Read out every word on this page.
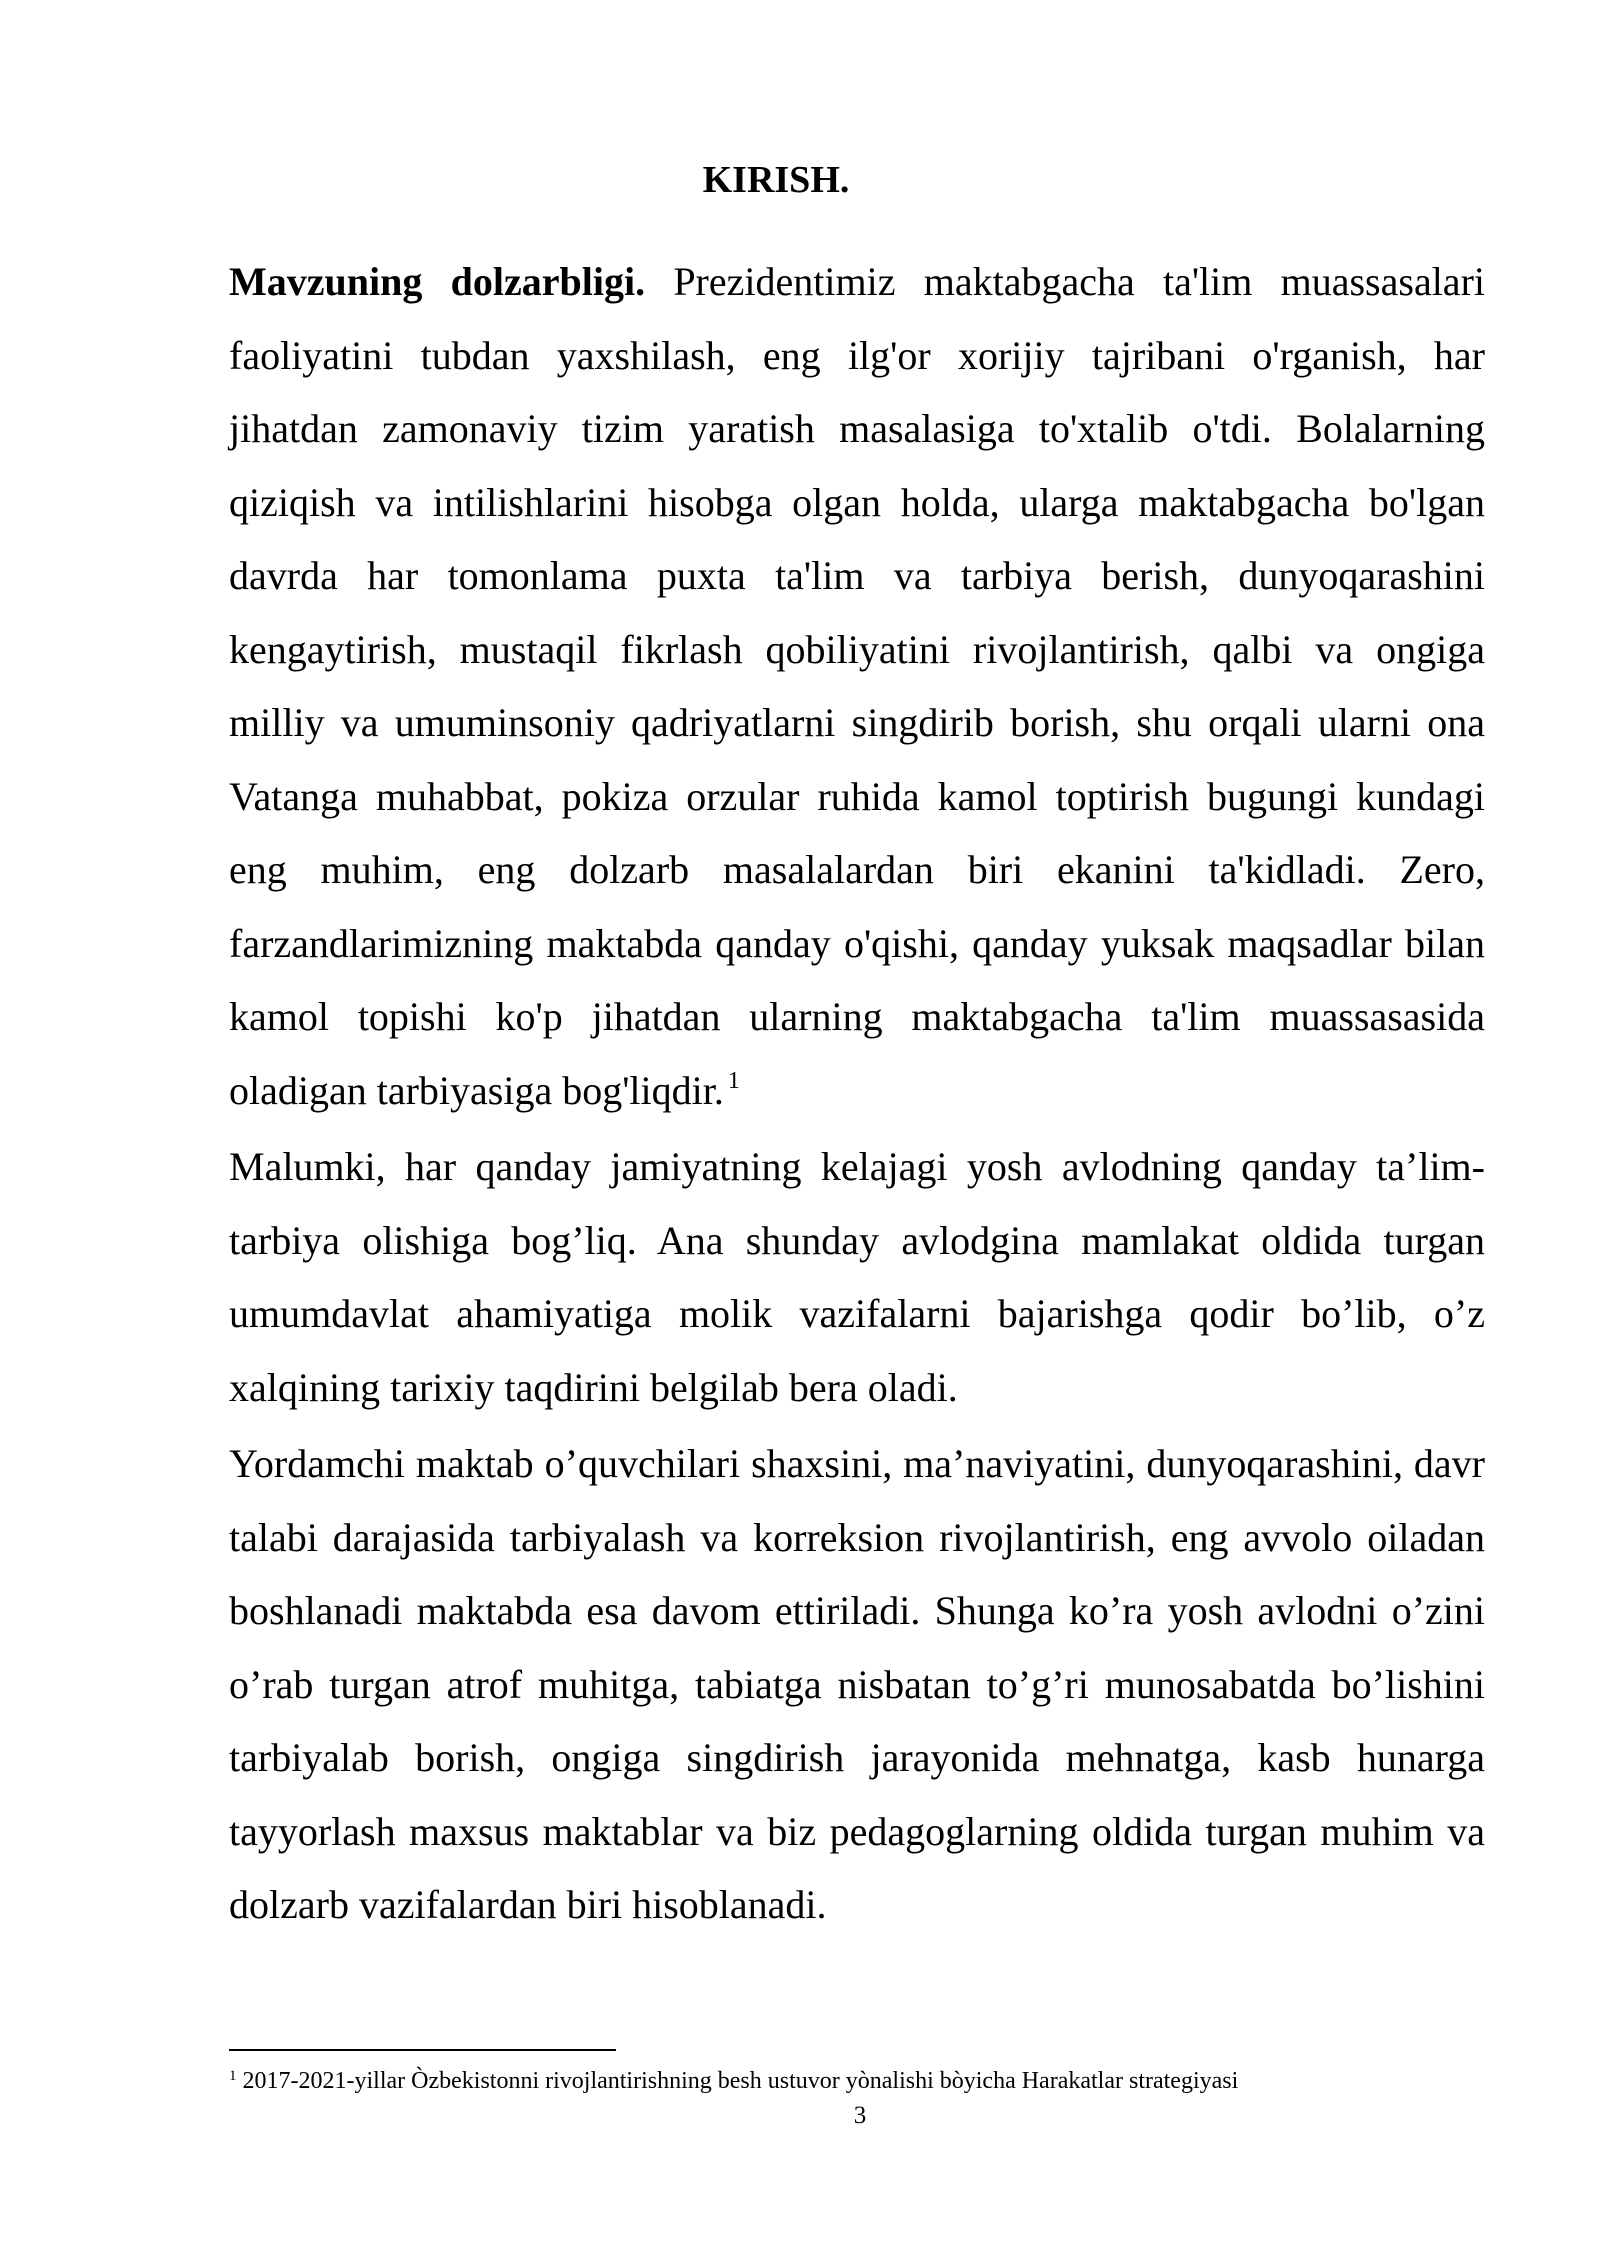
KIRISH.

Mavzuning dolzarbligi. Prezidentimiz maktabgacha ta'lim muassasalari faoliyatini tubdan yaxshilash, eng ilg'or xorijiy tajribani o'rganish, har jihatdan zamonaviy tizim yaratish masalasiga to'xtalib o'tdi. Bolalarning qiziqish va intilishlarini hisobga olgan holda, ularga maktabgacha bo'lgan davrda har tomonlama puxta ta'lim va tarbiya berish, dunyoqarashini kengaytirish, mustaqil fikrlash qobiliyatini rivojlantirish, qalbi va ongiga milliy va umuminsoniy qadriyatlarni singdirib borish, shu orqali ularni ona Vatanga muhabbat, pokiza orzular ruhida kamol toptirish bugungi kundagi eng muhim, eng dolzarb masalalardan biri ekanini ta'kidladi. Zero, farzandlarimizning maktabda qanday o'qishi, qanday yuksak maqsadlar bilan kamol topishi ko'p jihatdan ularning maktabgacha ta'lim muassasasida oladigan tarbiyasiga bog'liqdir. $^1$

Malumki, har qanday jamiyatning kelajagi yosh avlodning qanday ta’lim-tarbiya olishiga bog’liq. Ana shunday avlodgina mamlakat oldida turgan umumdavlat ahamiyatiga molik vazifalarni bajarishga qodir bo’lib, o’z xalqining tarixiy taqdirini belgilab bera oladi.

Yordamchi maktab o’quvchilari shaxsini, ma’naviyatini, dunyoqarashini, davr talabi darajasida tarbiyalash va korreksion rivojlantirish, eng avvolo oiladan boshlanadi maktabda esa davom ettiriladi. Shunga ko’ra yosh avlodni o’zini o’rab turgan atrof muhitga, tabiatga nisbatan to’g’ri munosabatda bo’lishini tarbiyalab borish, ongiga singdirish jarayonida mehnatga, kasb hunarga tayyorlash maxsus maktablar va biz pedagoglarning oldida turgan muhim va dolzarb vazifalardan biri hisoblanadi.

$^1$ 2017-2021-yillar Òzbekistonni rivojlantirishning besh ustuvor yònalishi bòyicha Harakatlar strategiyasi
3
